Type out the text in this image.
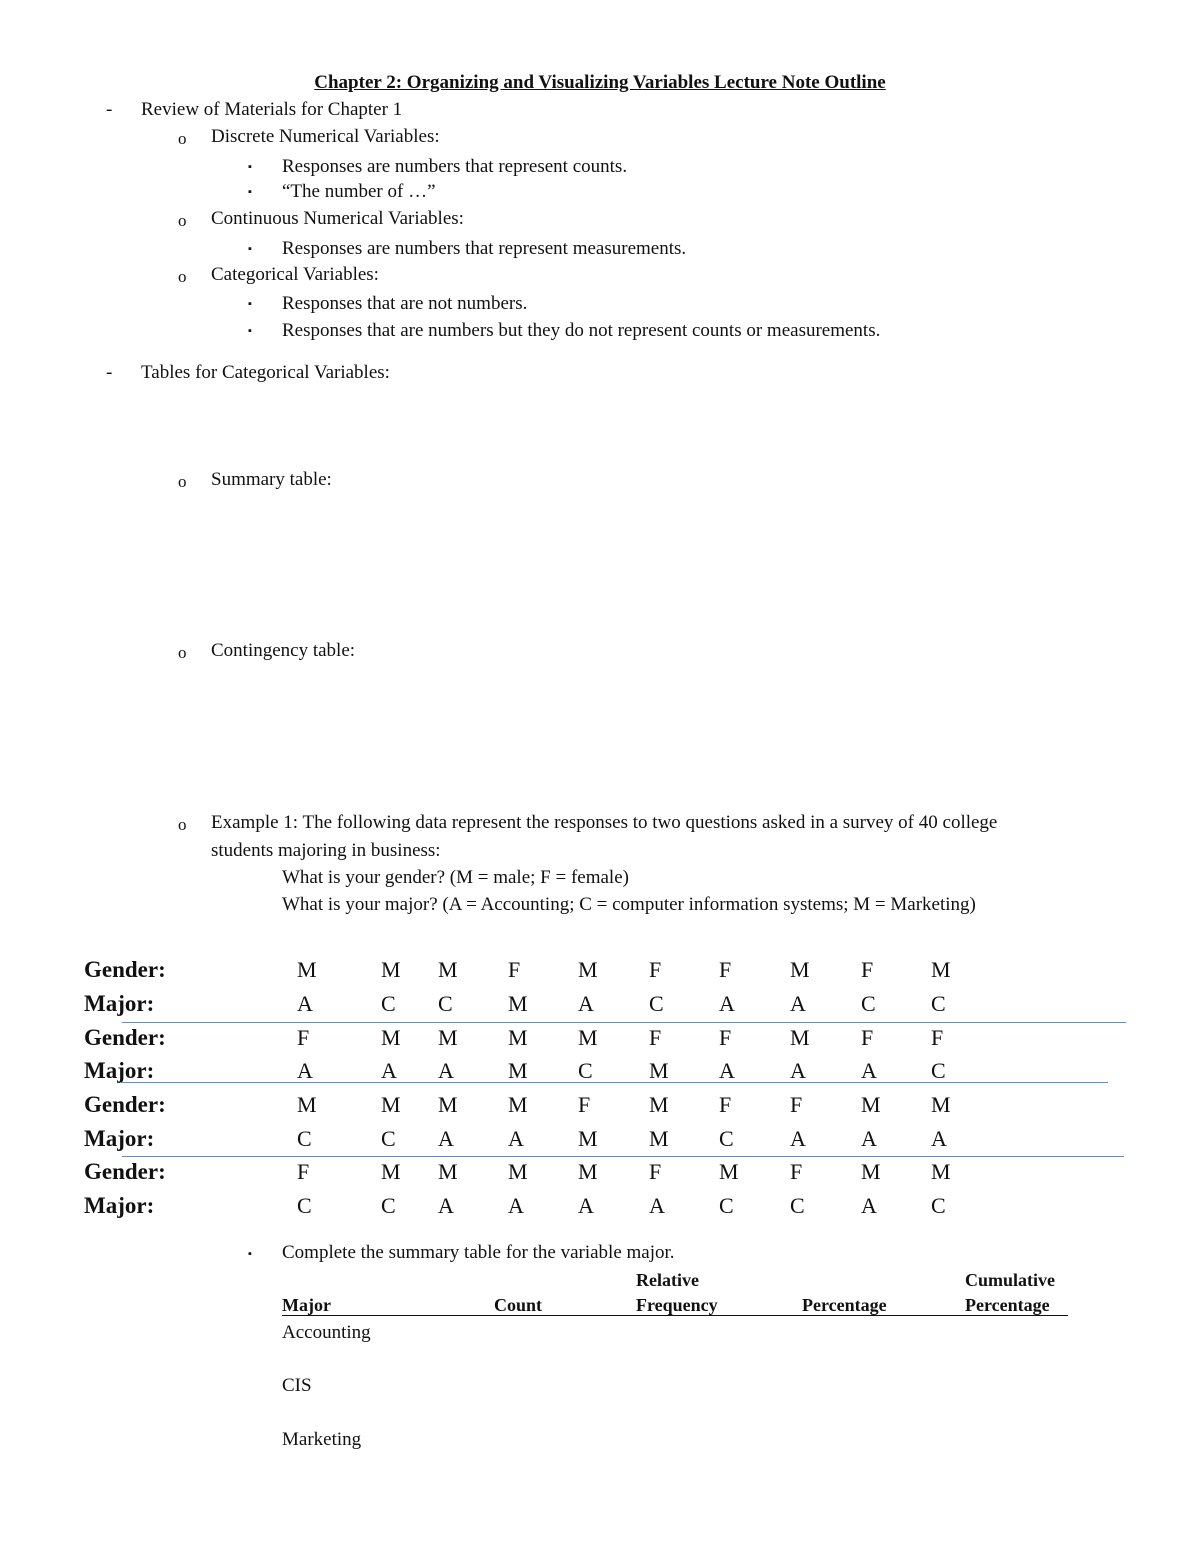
Chapter 2: Organizing and Visualizing Variables Lecture Note Outline
- Review of Materials for Chapter 1
o Discrete Numerical Variables:
▪ Responses are numbers that represent counts.
▪ “The number of …”
o Continuous Numerical Variables:
▪ Responses are numbers that represent measurements.
o Categorical Variables:
▪ Responses that are not numbers.
▪ Responses that are numbers but they do not represent counts or measurements.
- Tables for Categorical Variables:
o Summary table:
o Contingency table:
o Example 1: The following data represent the responses to two questions asked in a survey of 40 college
students majoring in business:
What is your gender? (M = male; F = female)
What is your major? (A = Accounting; C = computer information systems; M = Marketing)
Gender:	M	M M F	M F	F	M F	M
Major:	A	C C	M A	C	A	A	C	C
Gender:	F	M M M M F	F	M F	F
Major:	A	A A M C	M A	A	A C
Gender:	M	M M M F	M F	F	M M
Major:	C	C A A M M C	A	A A
Gender:	F	M M M M F	M F	M M
Major:	C	C A A A	A C	C	A C
▪ Complete the summary table for the variable major.
Relative	Cumulative
Major	Count	Frequency	Percentage	Percentage
Accounting
CIS
Marketing
